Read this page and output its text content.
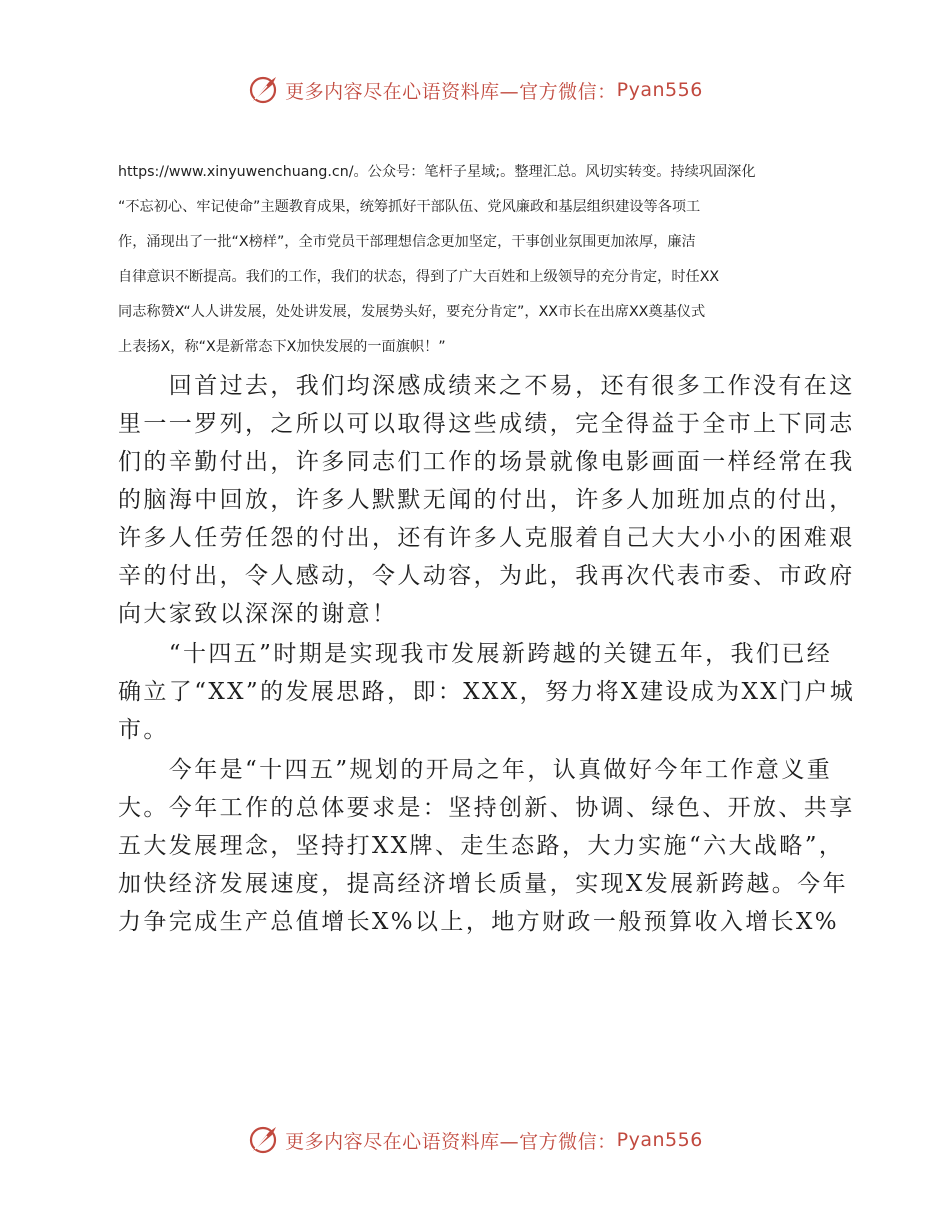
更多内容尽在心语资料库—官方微信： Pyan556

https://www.xinyuwenchuang.cn/。公众号：笔杆子星域;。整理汇总。风切实转变。持续巩固深化

“不忘初心、牢记使命”主题教育成果，统筹抓好干部队伍、党风廉政和基层组织建设等各项工

作，涌现出了一批“X榜样”，全市党员干部理想信念更加坚定，干事创业氛围更加浓厚，廉洁

自律意识不断提高。我们的工作，我们的状态，得到了广大百姓和上级领导的充分肯定，时任XX

同志称赞X“人人讲发展，处处讲发展，发展势头好，要充分肯定”，XX市长在出席XX奠基仪式

上表扬X，称“X是新常态下X加快发展的一面旗帜！”

　　回首过去，我们均深感成绩来之不易，还有很多工作没有在这

里一一罗列，之所以可以取得这些成绩，完全得益于全市上下同志

们的辛勤付出，许多同志们工作的场景就像电影画面一样经常在我

的脑海中回放，许多人默默无闻的付出，许多人加班加点的付出，

许多人任劳任怨的付出，还有许多人克服着自己大大小小的困难艰

辛的付出，令人感动，令人动容，为此，我再次代表市委、市政府

向大家致以深深的谢意！

　　“十四五”时期是实现我市发展新跨越的关键五年，我们已经

确立了“XX”的发展思路，即：XXX，努力将X建设成为XX门户城

市。

　　今年是“十四五”规划的开局之年，认真做好今年工作意义重

大。今年工作的总体要求是：坚持创新、协调、绿色、开放、共享

五大发展理念，坚持打XX牌、走生态路，大力实施“六大战略”，

加快经济发展速度，提高经济增长质量，实现X发展新跨越。今年

力争完成生产总值增长X%以上，地方财政一般预算收入增长X%

更多内容尽在心语资料库—官方微信： Pyan556
